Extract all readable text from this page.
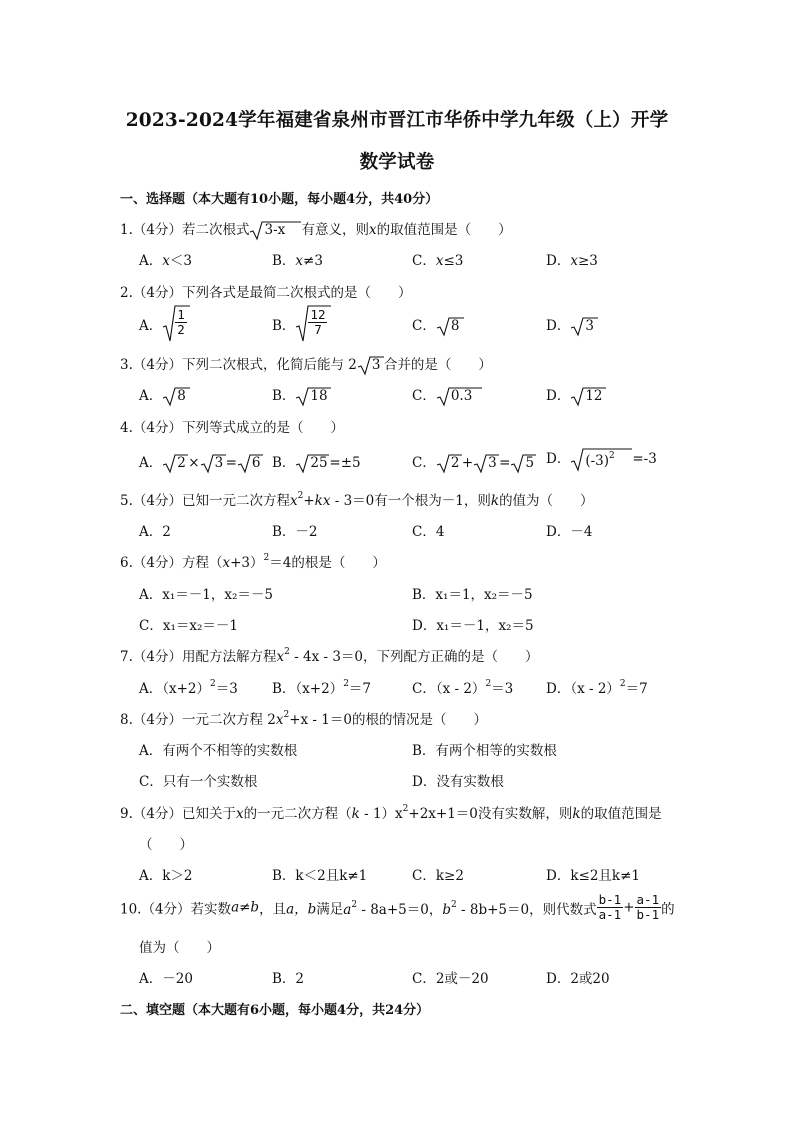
2023-2024学年福建省泉州市晋江市华侨中学九年级（上）开学
数学试卷
一、选择题（本大题有10小题，每小题4分，共40分）
1.（4分）若二次根式 3-x 有意义，则x的取值范围是（　　）
A．x＜3	B．x≠3	C．x≤3	D．x≥3
2.（4分）下列各式是最简二次根式的是（　　）
A． $\frac{1}{2}$	B． $\frac{12}{7}$	C． 8	D． 3
3.（4分）下列二次根式，化简后能与 2 3 合并的是（　　）
A． 8	B． 18	C． 0.3	D． 12
4.（4分）下列等式成立的是（　　）
A． 2 × 3 = 6 B． 25 =±5	C． 2 + 3 = 5 D． $(-3)^2 =-3$
5.（4分）已知一元二次方程$x^2+kx - 3=0$有一个根为－1，则k的值为（　　）
A．2	B．－2	C．4	D．－4
6.（4分）方程$(x+3)^2=4$的根是（　　）
A．x₁＝－1，x₂＝－5	B．x₁＝1，x₂＝－5
C．x₁＝x₂＝－1	D．x₁＝－1，x₂＝5
7.（4分）用配方法解方程$x^2 - 4x - 3=0$，下列配方正确的是（　　）
A．$(x+2)^2=3$	B．$(x+2)^2=7$	C．（x - 2）$^2$＝3 D．（x - 2）$^2$＝7
8.（4分）一元二次方程 $2x^2+x - 1=0$的根的情况是（　　）
A．有两个不相等的实数根	B．有两个相等的实数根
C．只有一个实数根	D．没有实数根
9.（4分）已知关于x的一元二次方程$(k - 1)x^2+2x+1=0$没有实数解，则k的取值范围是
（　　）
A．k＞2	B．k＜2且k≠1	C．k≥2	D．k≤2且k≠1
10.（4分）若实数a≠b，且a，b满足$a^2 - 8a+5=0$，$b^2 - 8b+5=0$，则代数式 $\frac{b-1}{a-1} + \frac{a-1}{b-1}$ 的
值为（　　）
A．－20	B．2	C．2或－20	D．2或20
二、填空题（本大题有6小题，每小题4分，共24分）
